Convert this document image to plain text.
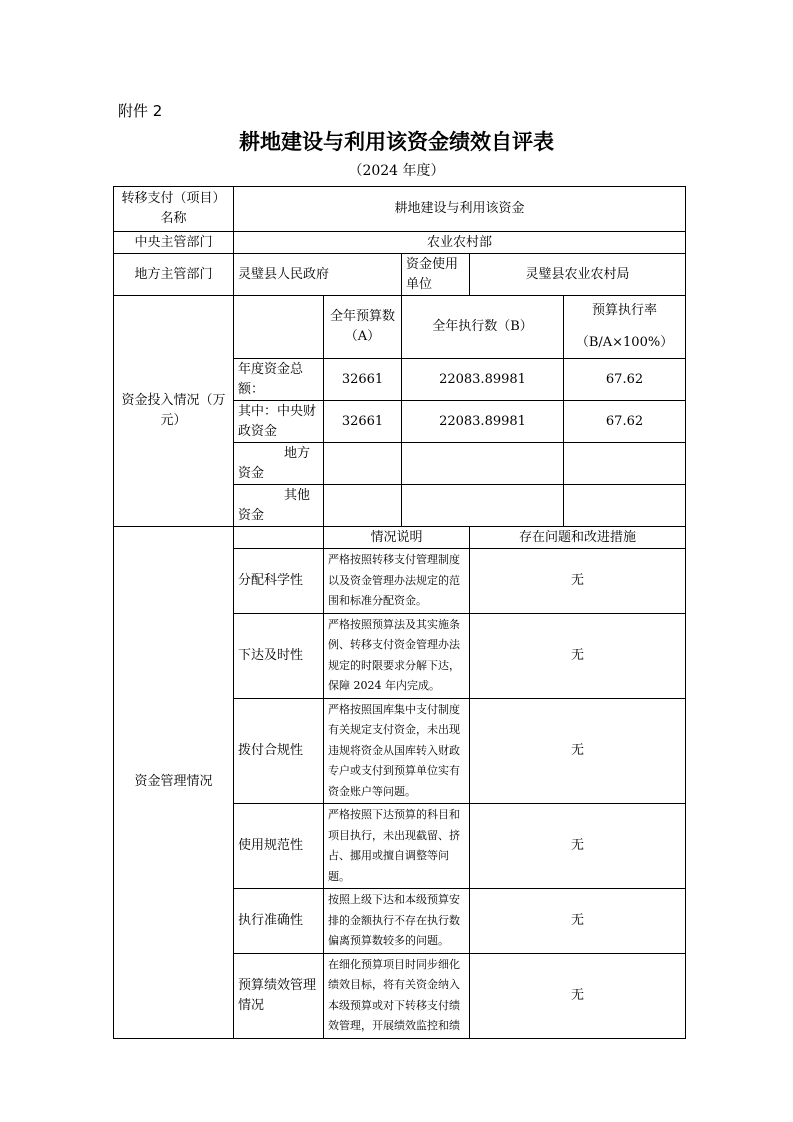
附件 2
耕地建设与利用该资金绩效自评表
（2024 年度）
转移支付（项目）名称	耕地建设与利用该资金				
中央主管部门	农业农村部				
地方主管部门	灵璧县人民政府		资金使用单位	灵璧县农业农村局	
资金投入情况（万元）		全年预算数（A）	全年执行数（B）		预算执行率
（B/A×100%）

	年度资金总额：	32661	22083.89981		67.62
	其中：中央财政资金	32661	22083.89981		67.62

	地方
资金				

	其他
资金				

资金管理情况		情况说明		存在问题和改进措施	
	分配科学性	严格按照转移支付管理制度以及资金管理办法规定的范围和标准分配资金。		无	
	下达及时性	严格按照预算法及其实施条例、转移支付资金管理办法规定的时限要求分解下达，保障 2024 年内完成。		无	
	拨付合规性	严格按照国库集中支付制度有关规定支付资金，未出现违规将资金从国库转入财政专户或支付到预算单位实有资金账户等问题。		无	
	使用规范性	严格按照下达预算的科目和项目执行，未出现截留、挤占、挪用或擅自调整等问题。		无	
	执行准确性	按照上级下达和本级预算安排的金额执行不存在执行数偏离预算数较多的问题。		无	
	预算绩效管理情况	在细化预算项目时同步细化绩效目标，将有关资金纳入本级预算或对下转移支付绩效管理，开展绩效监控和绩		无	
